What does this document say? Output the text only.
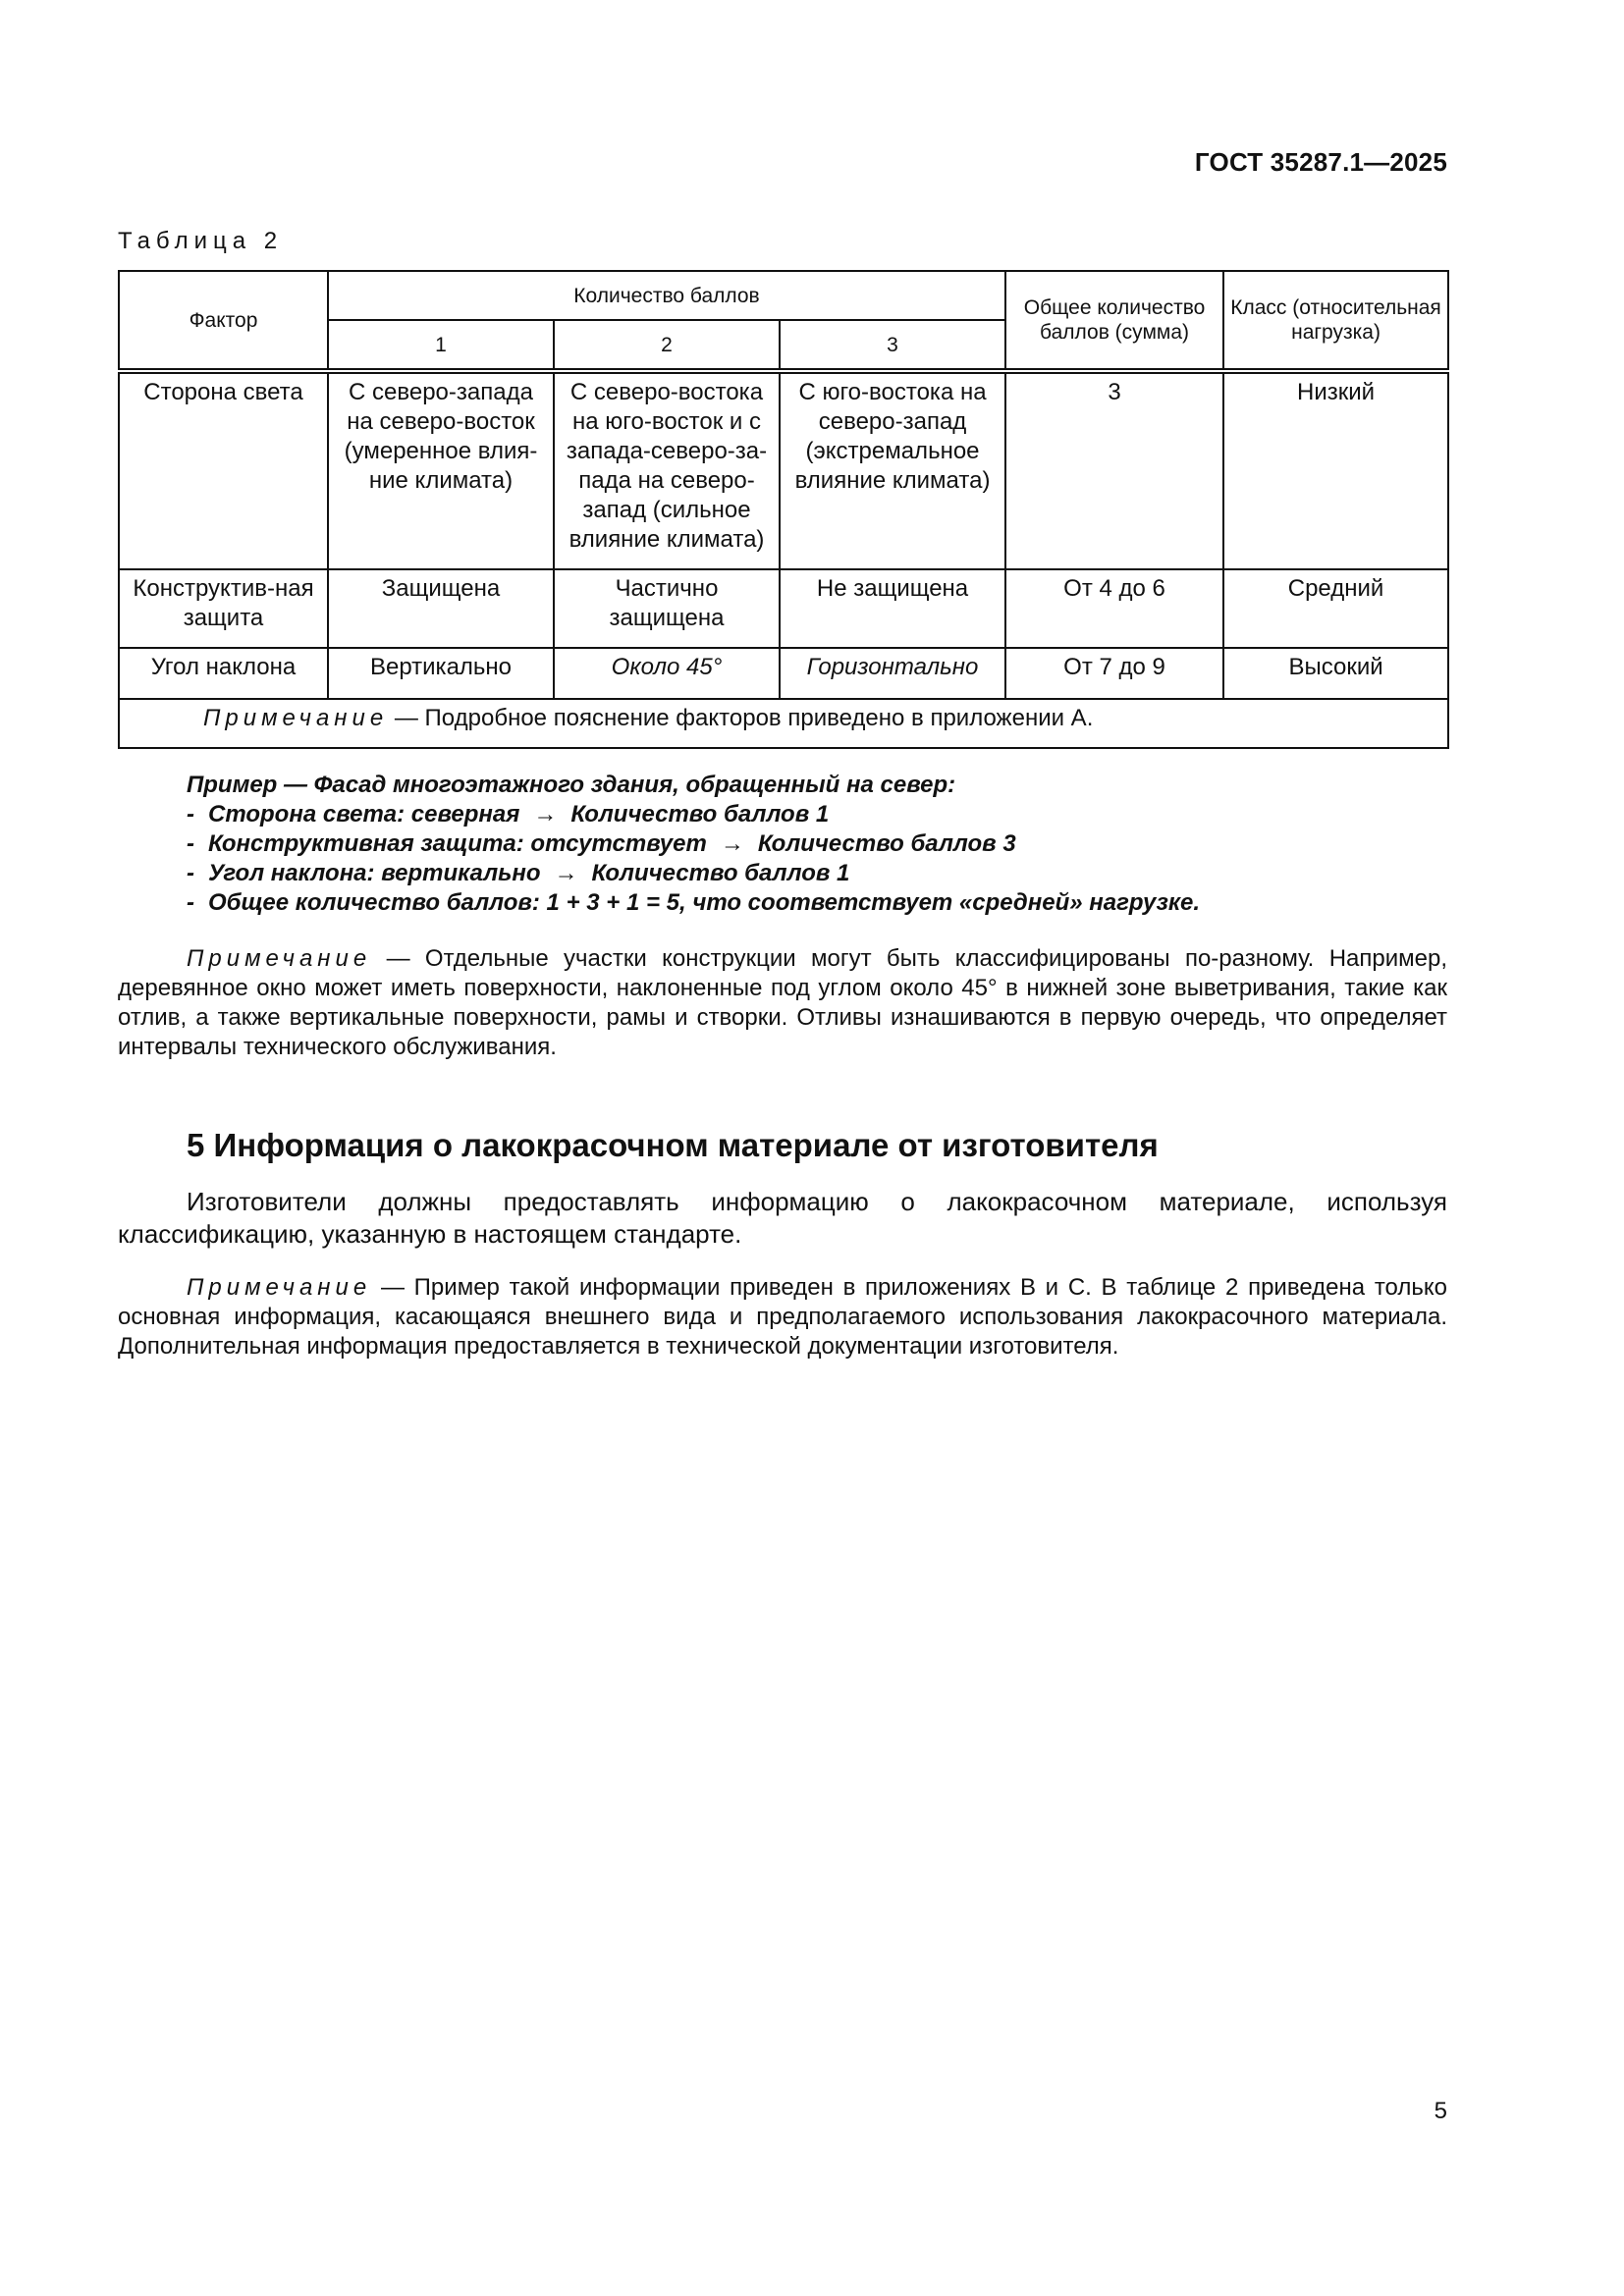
ГОСТ 35287.1—2025
Таблица 2
Фактор	Количество баллов			Общее количество баллов (сумма)	Класс (относительная нагрузка)
	1	2	3		
Сторона света	С северо-запада на северо-восток (умеренное влия-ние климата)	С северо-востока на юго-восток и с запада-северо-за-пада на северо-запад (сильное влияние климата)	С юго-востока на северо-запад (экстремальное влияние климата)	3	Низкий
Конструктив-ная защита	Защищена	Частично защищена	Не защищена	От 4 до 6	Средний
Угол наклона	Вертикально	Около 45°	Горизонтально	От 7 до 9	Высокий
Примечание — Подробное пояснение факторов приведено в приложении А.					
Пример — Фасад многоэтажного здания, обращенный на север:
- Сторона света: северная → Количество баллов 1
- Конструктивная защита: отсутствует → Количество баллов 3
- Угол наклона: вертикально → Количество баллов 1
- Общее количество баллов: 1 + 3 + 1 = 5, что соответствует «средней» нагрузке.
Примечание — Отдельные участки конструкции могут быть классифицированы по-разному. Например, деревянное окно может иметь поверхности, наклоненные под углом около 45° в нижней зоне выветривания, такие как отлив, а также вертикальные поверхности, рамы и створки. Отливы изнашиваются в первую очередь, что определяет интервалы технического обслуживания.
5 Информация о лакокрасочном материале от изготовителя
Изготовители должны предоставлять информацию о лакокрасочном материале, используя классификацию, указанную в настоящем стандарте.
Примечание — Пример такой информации приведен в приложениях В и С. В таблице 2 приведена только основная информация, касающаяся внешнего вида и предполагаемого использования лакокрасочного материала. Дополнительная информация предоставляется в технической документации изготовителя.
5
